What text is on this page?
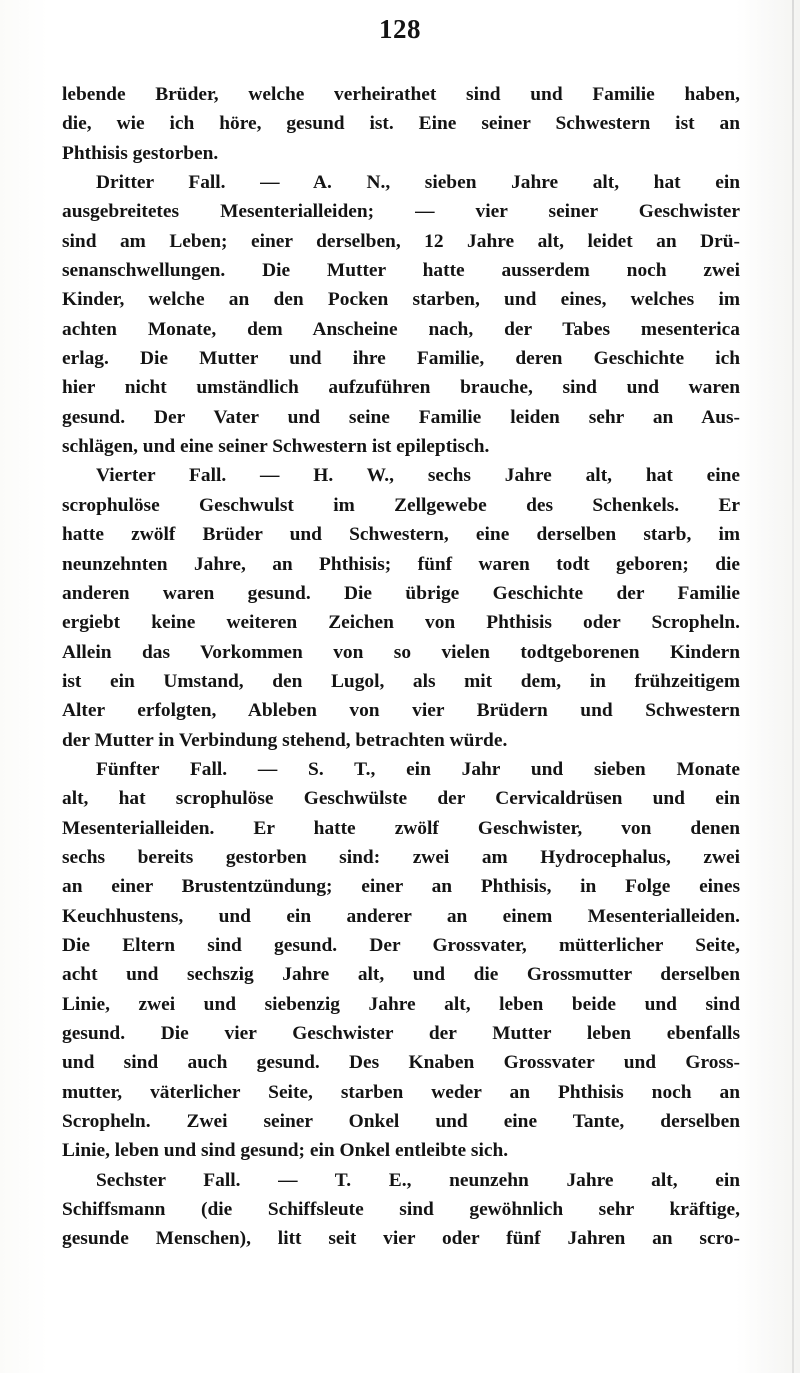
128
lebende Brüder, welche verheirathet sind und Familie haben,
die, wie ich höre, gesund ist. Eine seiner Schwestern ist an
Phthisis gestorben.
Dritter Fall. — A. N., sieben Jahre alt, hat ein
ausgebreitetes Mesenterialleiden; — vier seiner Geschwister
sind am Leben; einer derselben, 12 Jahre alt, leidet an Drü-
senanschwellungen. Die Mutter hatte ausserdem noch zwei
Kinder, welche an den Pocken starben, und eines, welches im
achten Monate, dem Anscheine nach, der Tabes mesenterica
erlag. Die Mutter und ihre Familie, deren Geschichte ich
hier nicht umständlich aufzuführen brauche, sind und waren
gesund. Der Vater und seine Familie leiden sehr an Aus-
schlägen, und eine seiner Schwestern ist epileptisch.
Vierter Fall. — H. W., sechs Jahre alt, hat eine
scrophulöse Geschwulst im Zellgewebe des Schenkels. Er
hatte zwölf Brüder und Schwestern, eine derselben starb, im
neunzehnten Jahre, an Phthisis; fünf waren todt geboren; die
anderen waren gesund. Die übrige Geschichte der Familie
ergiebt keine weiteren Zeichen von Phthisis oder Scropheln.
Allein das Vorkommen von so vielen todtgeborenen Kindern
ist ein Umstand, den Lugol, als mit dem, in frühzeitigem
Alter erfolgten, Ableben von vier Brüdern und Schwestern
der Mutter in Verbindung stehend, betrachten würde.
Fünfter Fall. — S. T., ein Jahr und sieben Monate
alt, hat scrophulöse Geschwülste der Cervicaldrüsen und ein
Mesenterialleiden. Er hatte zwölf Geschwister, von denen
sechs bereits gestorben sind: zwei am Hydrocephalus, zwei
an einer Brustentzündung; einer an Phthisis, in Folge eines
Keuchhustens, und ein anderer an einem Mesenterialleiden.
Die Eltern sind gesund. Der Grossvater, mütterlicher Seite,
acht und sechszig Jahre alt, und die Grossmutter derselben
Linie, zwei und siebenzig Jahre alt, leben beide und sind
gesund. Die vier Geschwister der Mutter leben ebenfalls
und sind auch gesund. Des Knaben Grossvater und Gross-
mutter, väterlicher Seite, starben weder an Phthisis noch an
Scropheln. Zwei seiner Onkel und eine Tante, derselben
Linie, leben und sind gesund; ein Onkel entleibte sich.
Sechster Fall. — T. E., neunzehn Jahre alt, ein
Schiffsmann (die Schiffsleute sind gewöhnlich sehr kräftige,
gesunde Menschen), litt seit vier oder fünf Jahren an scro-
